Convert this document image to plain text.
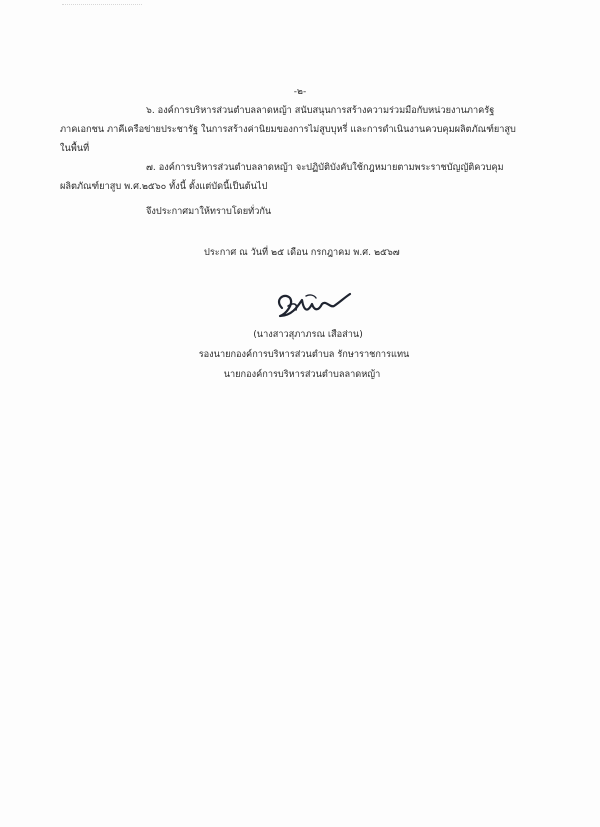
-๒-
๖. องค์การบริหารส่วนตำบลลาดหญ้า สนับสนุนการสร้างความร่วมมือกับหน่วยงานภาครัฐ
ภาคเอกชน ภาคีเครือข่ายประชารัฐ ในการสร้างค่านิยมของการไม่สูบบุหรี่ และการดำเนินงานควบคุมผลิตภัณฑ์ยาสูบ
ในพื้นที่
๗. องค์การบริหารส่วนตำบลลาดหญ้า จะปฏิบัติบังคับใช้กฎหมายตามพระราชบัญญัติควบคุม
ผลิตภัณฑ์ยาสูบ พ.ศ.๒๕๖๐ ทั้งนี้ ตั้งแต่บัดนี้เป็นต้นไป
จึงประกาศมาให้ทราบโดยทั่วกัน
ประกาศ ณ วันที่ ๒๕ เดือน กรกฎาคม พ.ศ. ๒๕๖๗
(นางสาวสุภาภรณ เสือส่าน)
รองนายกองค์การบริหารส่วนตำบล รักษาราชการแทน
นายกองค์การบริหารส่วนตำบลลาดหญ้า
